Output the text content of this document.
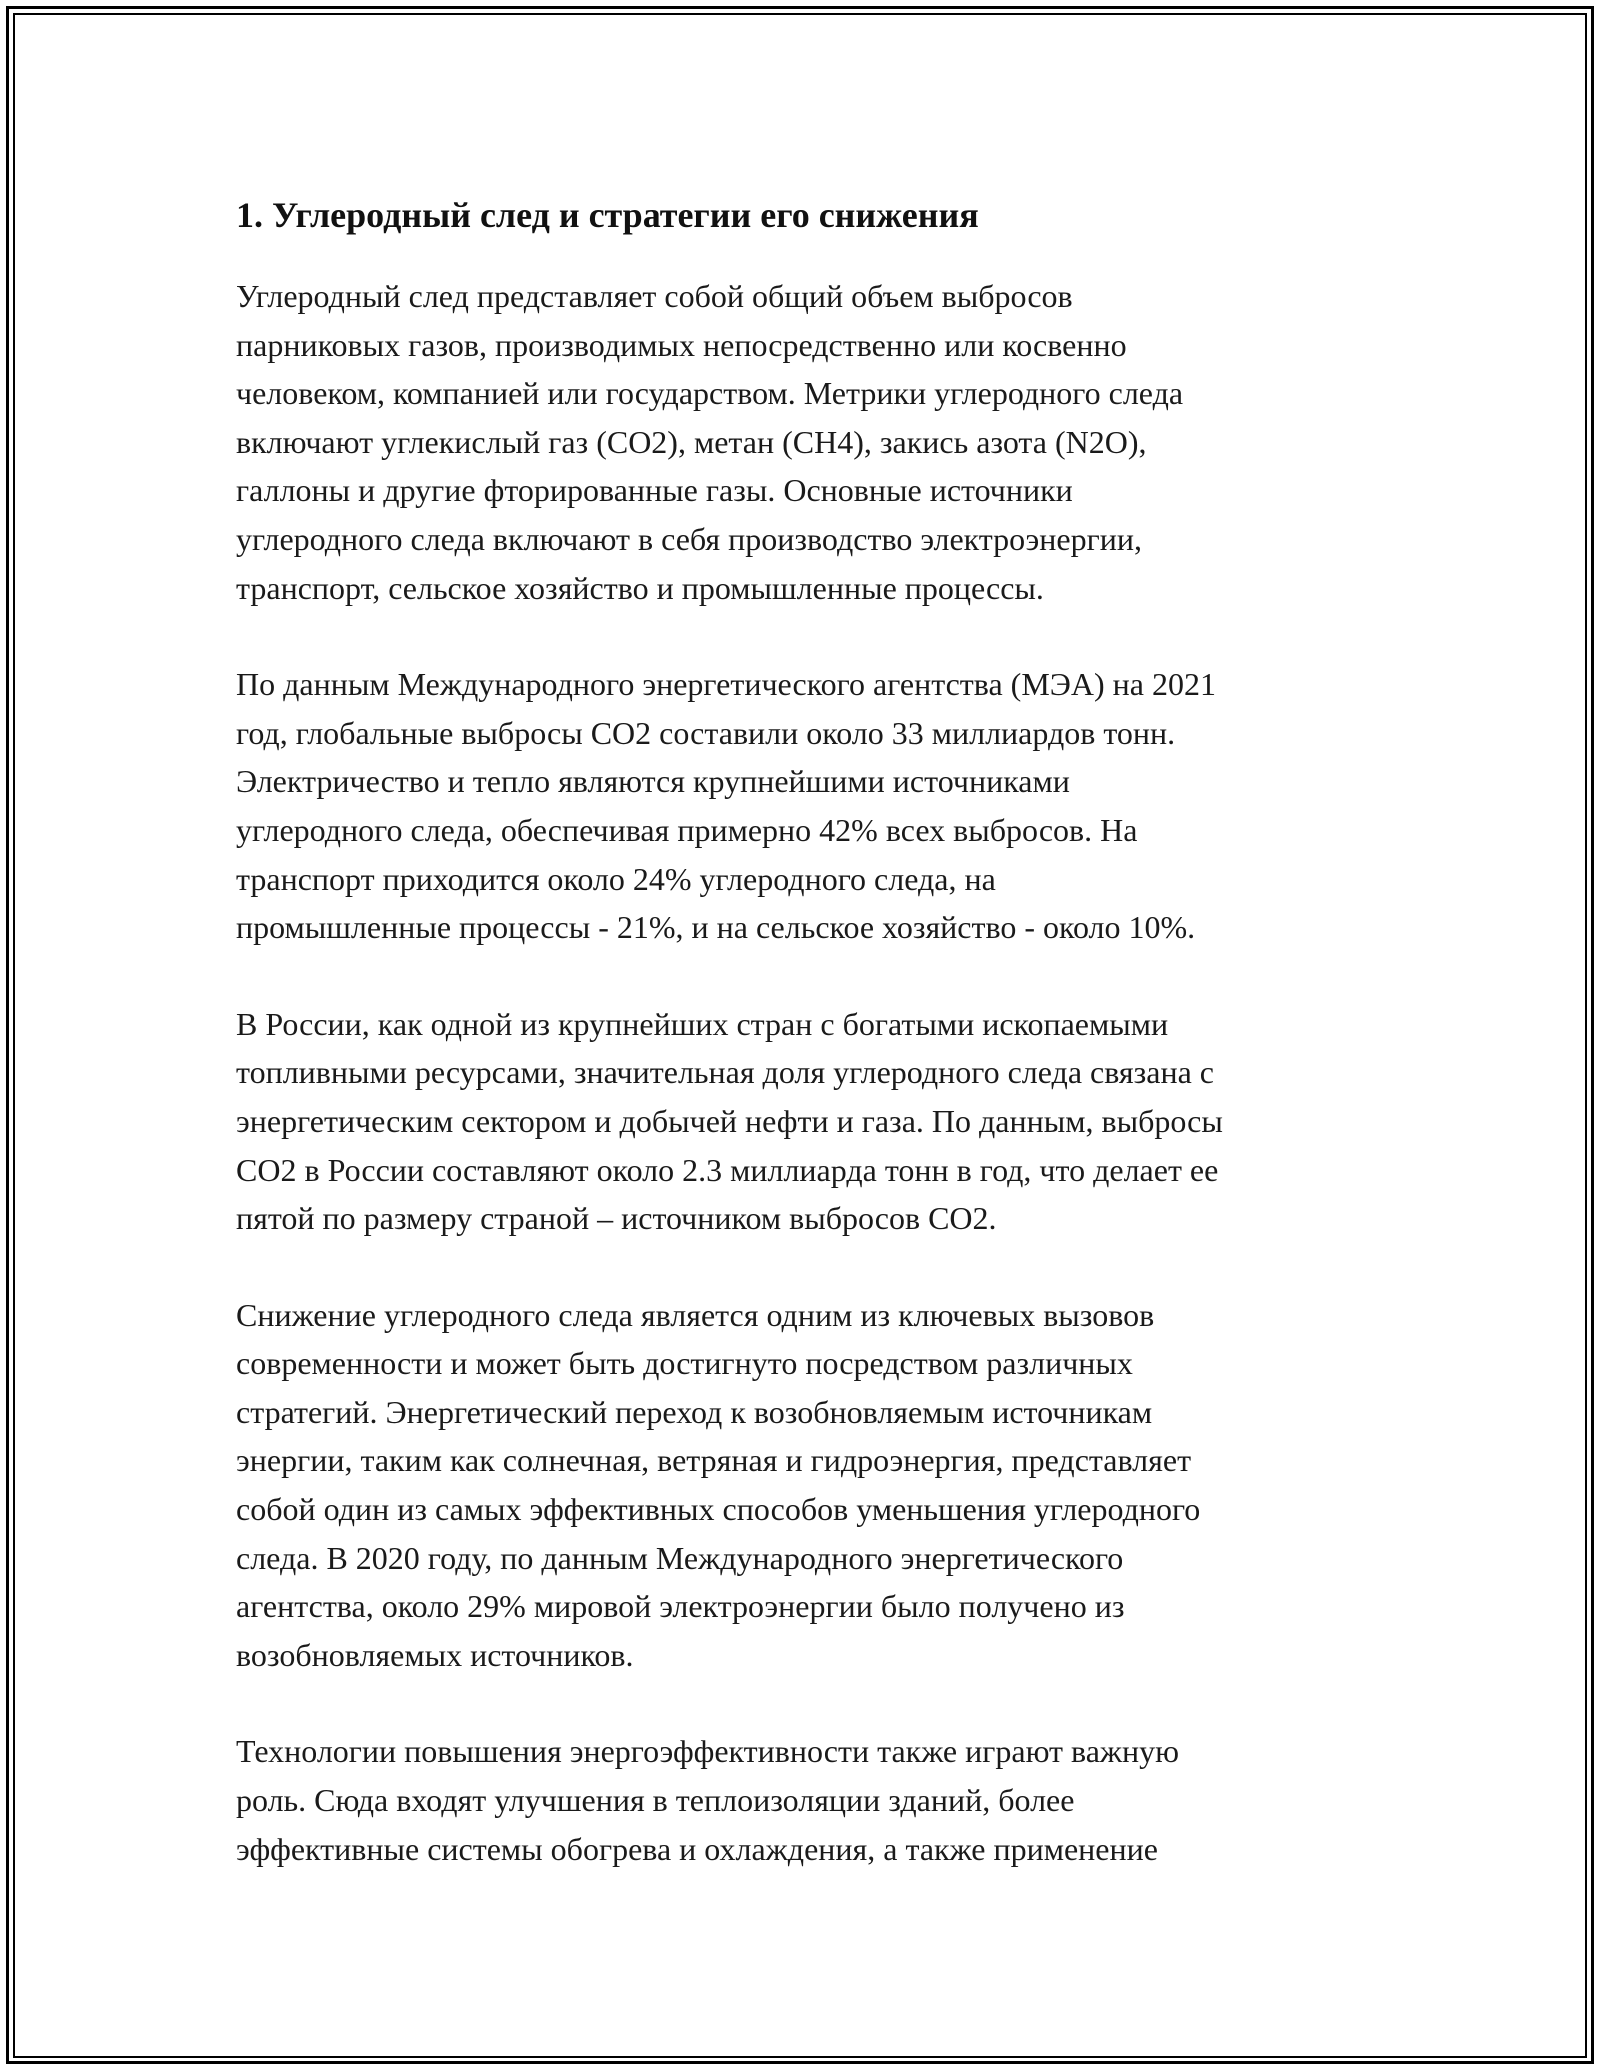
1. Углеродный след и стратегии его снижения

Углеродный след представляет собой общий объем выбросов
парниковых газов, производимых непосредственно или косвенно
человеком, компанией или государством. Метрики углеродного следа
включают углекислый газ (CO2), метан (CH4), закись азота (N2O),
галлоны и другие фторированные газы. Основные источники
углеродного следа включают в себя производство электроэнергии,
транспорт, сельское хозяйство и промышленные процессы.

По данным Международного энергетического агентства (МЭА) на 2021
год, глобальные выбросы CO2 составили около 33 миллиардов тонн.
Электричество и тепло являются крупнейшими источниками
углеродного следа, обеспечивая примерно 42% всех выбросов. На
транспорт приходится около 24% углеродного следа, на
промышленные процессы - 21%, и на сельское хозяйство - около 10%.

В России, как одной из крупнейших стран с богатыми ископаемыми
топливными ресурсами, значительная доля углеродного следа связана с
энергетическим сектором и добычей нефти и газа. По данным, выбросы
CO2 в России составляют около 2.3 миллиарда тонн в год, что делает ее
пятой по размеру страной – источником выбросов CO2.

Снижение углеродного следа является одним из ключевых вызовов
современности и может быть достигнуто посредством различных
стратегий. Энергетический переход к возобновляемым источникам
энергии, таким как солнечная, ветряная и гидроэнергия, представляет
собой один из самых эффективных способов уменьшения углеродного
следа. В 2020 году, по данным Международного энергетического
агентства, около 29% мировой электроэнергии было получено из
возобновляемых источников.

Технологии повышения энергоэффективности также играют важную
роль. Сюда входят улучшения в теплоизоляции зданий, более
эффективные системы обогрева и охлаждения, а также применение
